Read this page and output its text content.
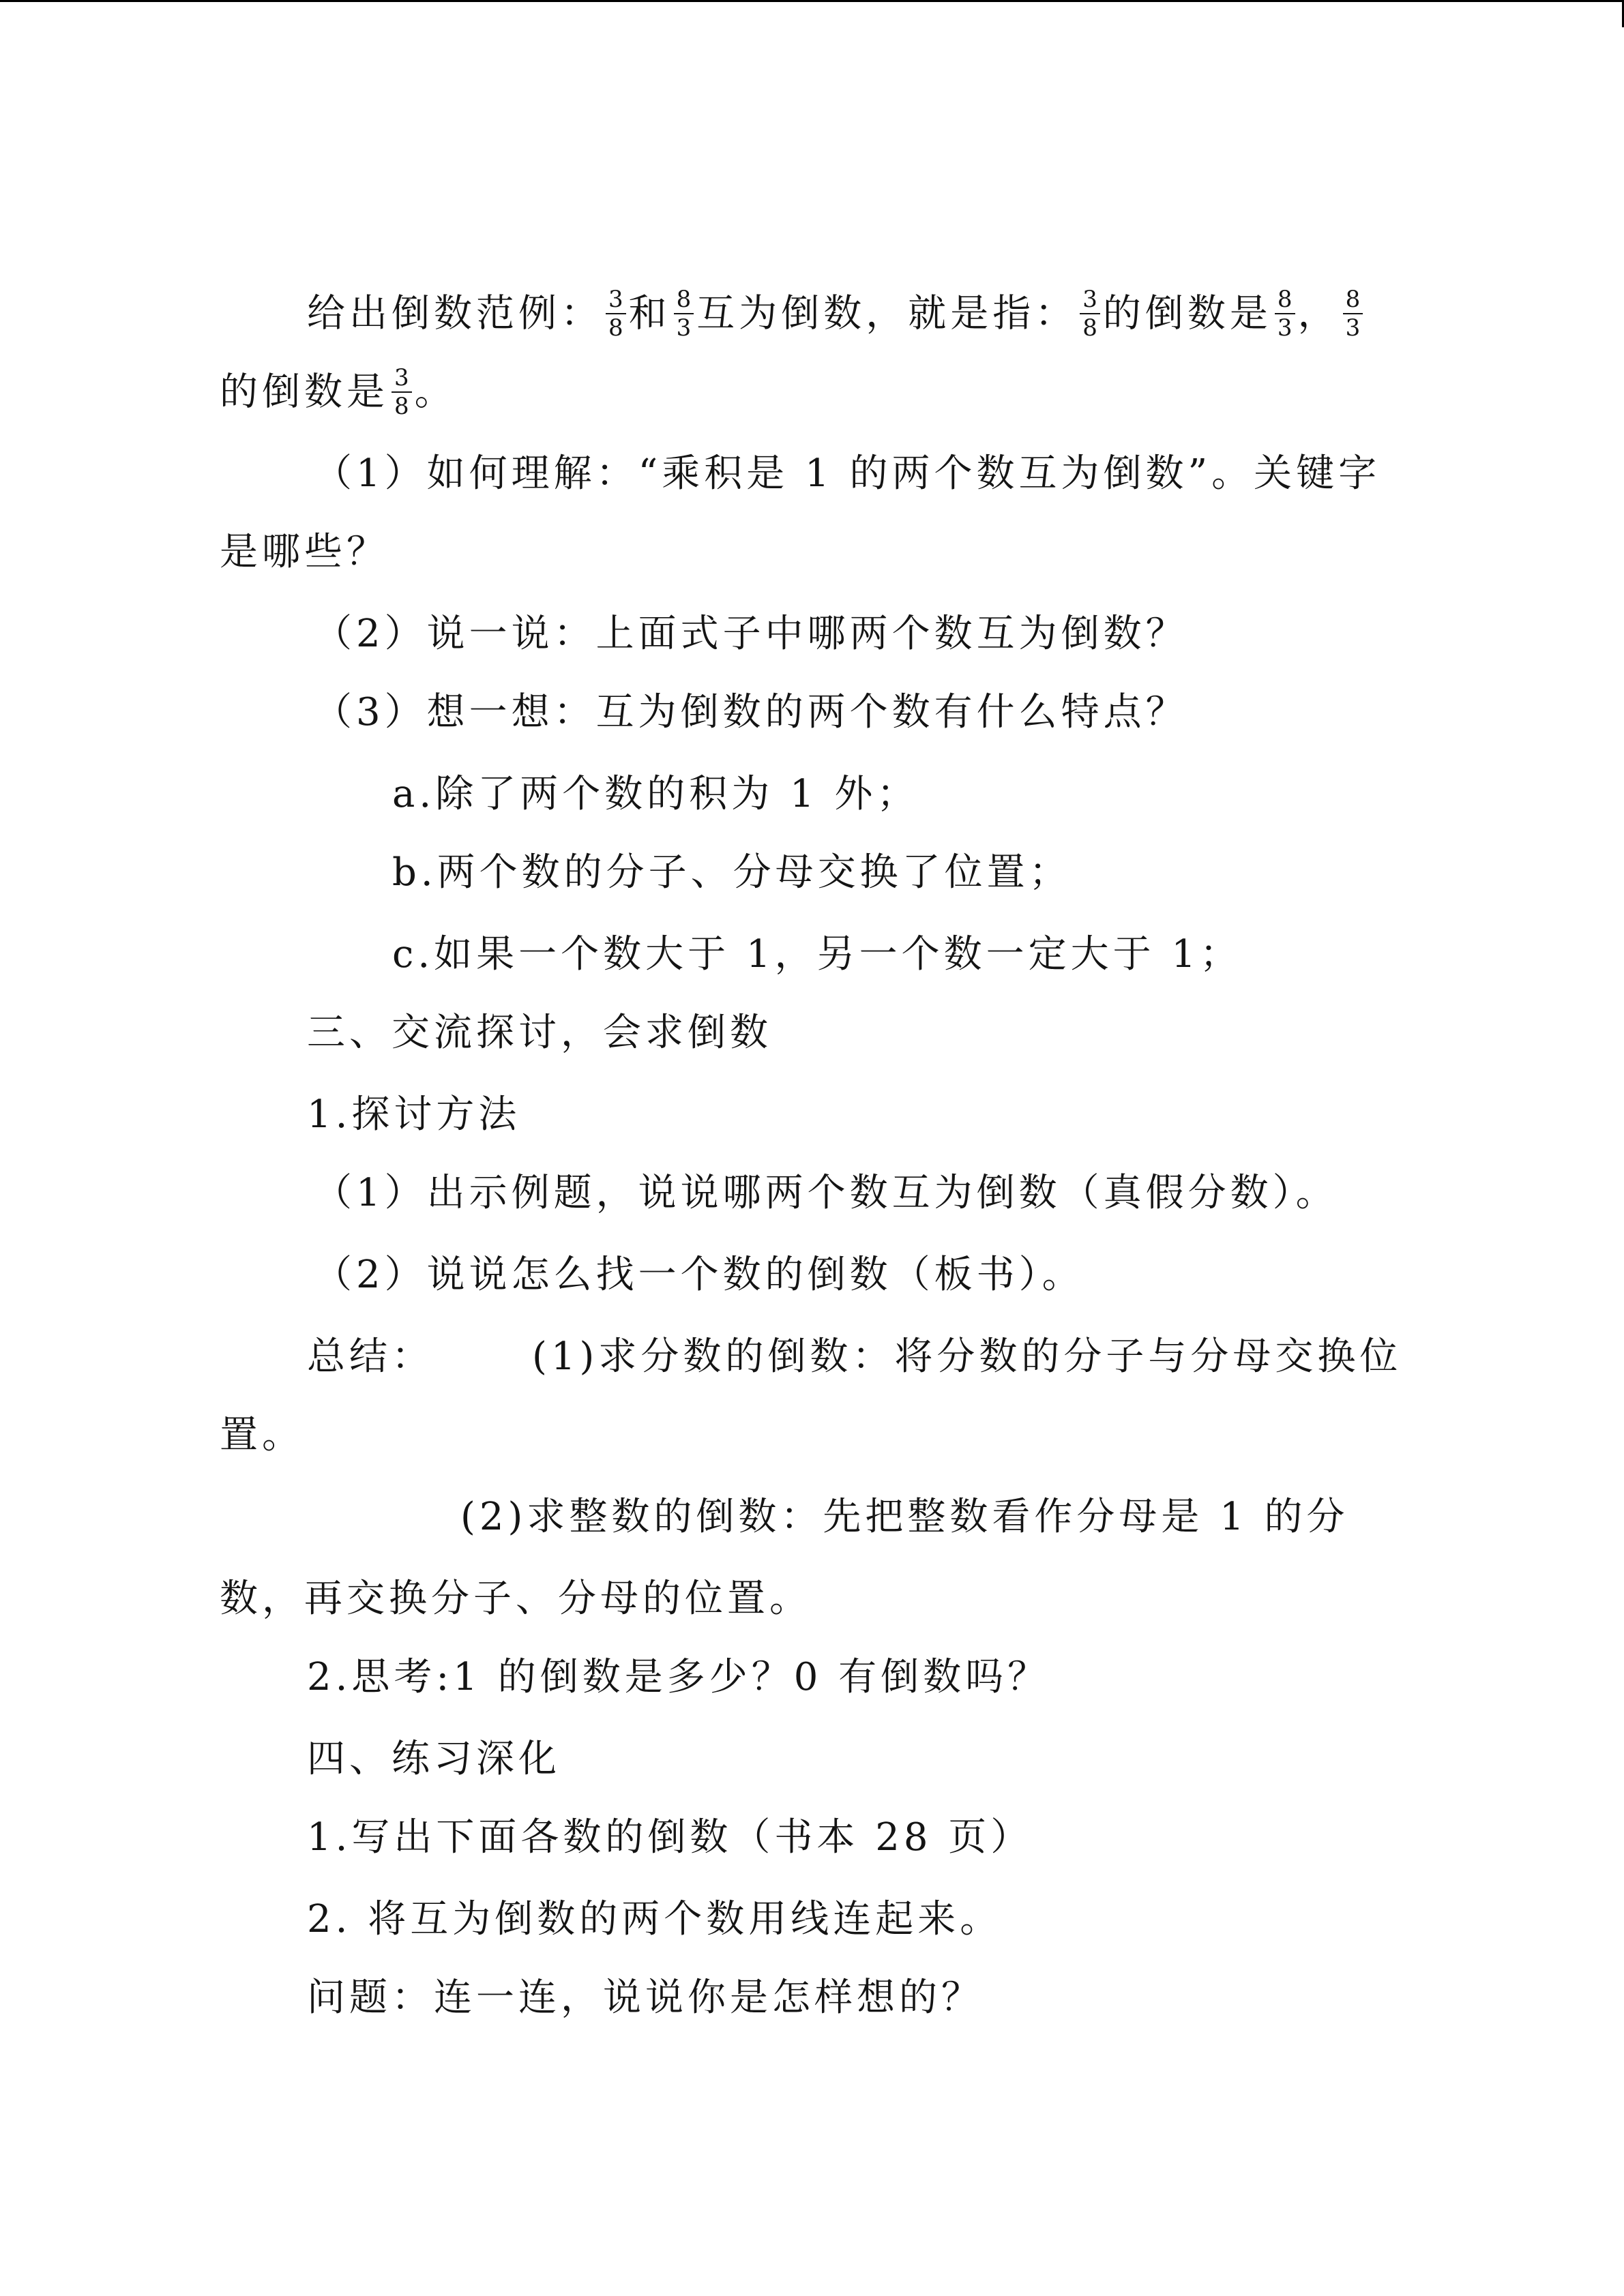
给出倒数范例： $\frac{3}{8}$ 和 $\frac{8}{3}$ 互为倒数，就是指： $\frac{3}{8}$ 的倒数是 $\frac{8}{3}$ ， $\frac{8}{3}$
的倒数是 $\frac{3}{8}$ 。
（1）如何理解：“乘积是 1 的两个数互为倒数”。关键字
是哪些？
（2）说一说：上面式子中哪两个数互为倒数？
（3）想一想：互为倒数的两个数有什么特点？
a.除了两个数的积为 1 外；
b.两个数的分子、分母交换了位置；
c.如果一个数大于 1，另一个数一定大于 1；
三、交流探讨，会求倒数
1.探讨方法
（1）出示例题，说说哪两个数互为倒数（真假分数）。
（2）说说怎么找一个数的倒数（板书）。
总结：	(1)求分数的倒数：将分数的分子与分母交换位
置。
(2)求整数的倒数：先把整数看作分母是 1 的分
数，再交换分子、分母的位置。
2.思考:1 的倒数是多少？0 有倒数吗？
四、练习深化
1.写出下面各数的倒数（书本 28 页）
2. 将互为倒数的两个数用线连起来。
问题：连一连，说说你是怎样想的？
